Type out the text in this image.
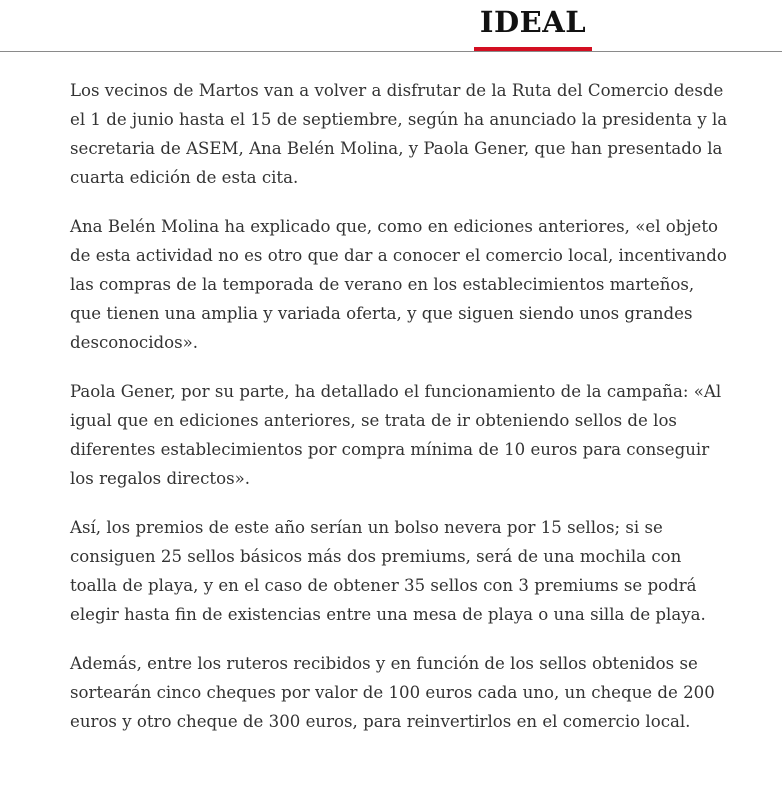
IDEAL

Los vecinos de Martos van a volver a disfrutar de la Ruta del Comercio desde el 1 de junio hasta el 15 de septiembre, según ha anunciado la presidenta y la secretaria de ASEM, Ana Belén Molina, y Paola Gener, que han presentado la cuarta edición de esta cita.

Ana Belén Molina ha explicado que, como en ediciones anteriores, «el objeto de esta actividad no es otro que dar a conocer el comercio local, incentivando las compras de la temporada de verano en los establecimientos marteños, que tienen una amplia y variada oferta, y que siguen siendo unos grandes desconocidos».

Paola Gener, por su parte, ha detallado el funcionamiento de la campaña: «Al igual que en ediciones anteriores, se trata de ir obteniendo sellos de los diferentes establecimientos por compra mínima de 10 euros para conseguir los regalos directos».

Así, los premios de este año serían un bolso nevera por 15 sellos; si se consiguen 25 sellos básicos más dos premiums, será de una mochila con toalla de playa, y en el caso de obtener 35 sellos con 3 premiums se podrá elegir hasta fin de existencias entre una mesa de playa o una silla de playa.

Además, entre los ruteros recibidos y en función de los sellos obtenidos se sortearán cinco cheques por valor de 100 euros cada uno, un cheque de 200 euros y otro cheque de 300 euros, para reinvertirlos en el comercio local.
